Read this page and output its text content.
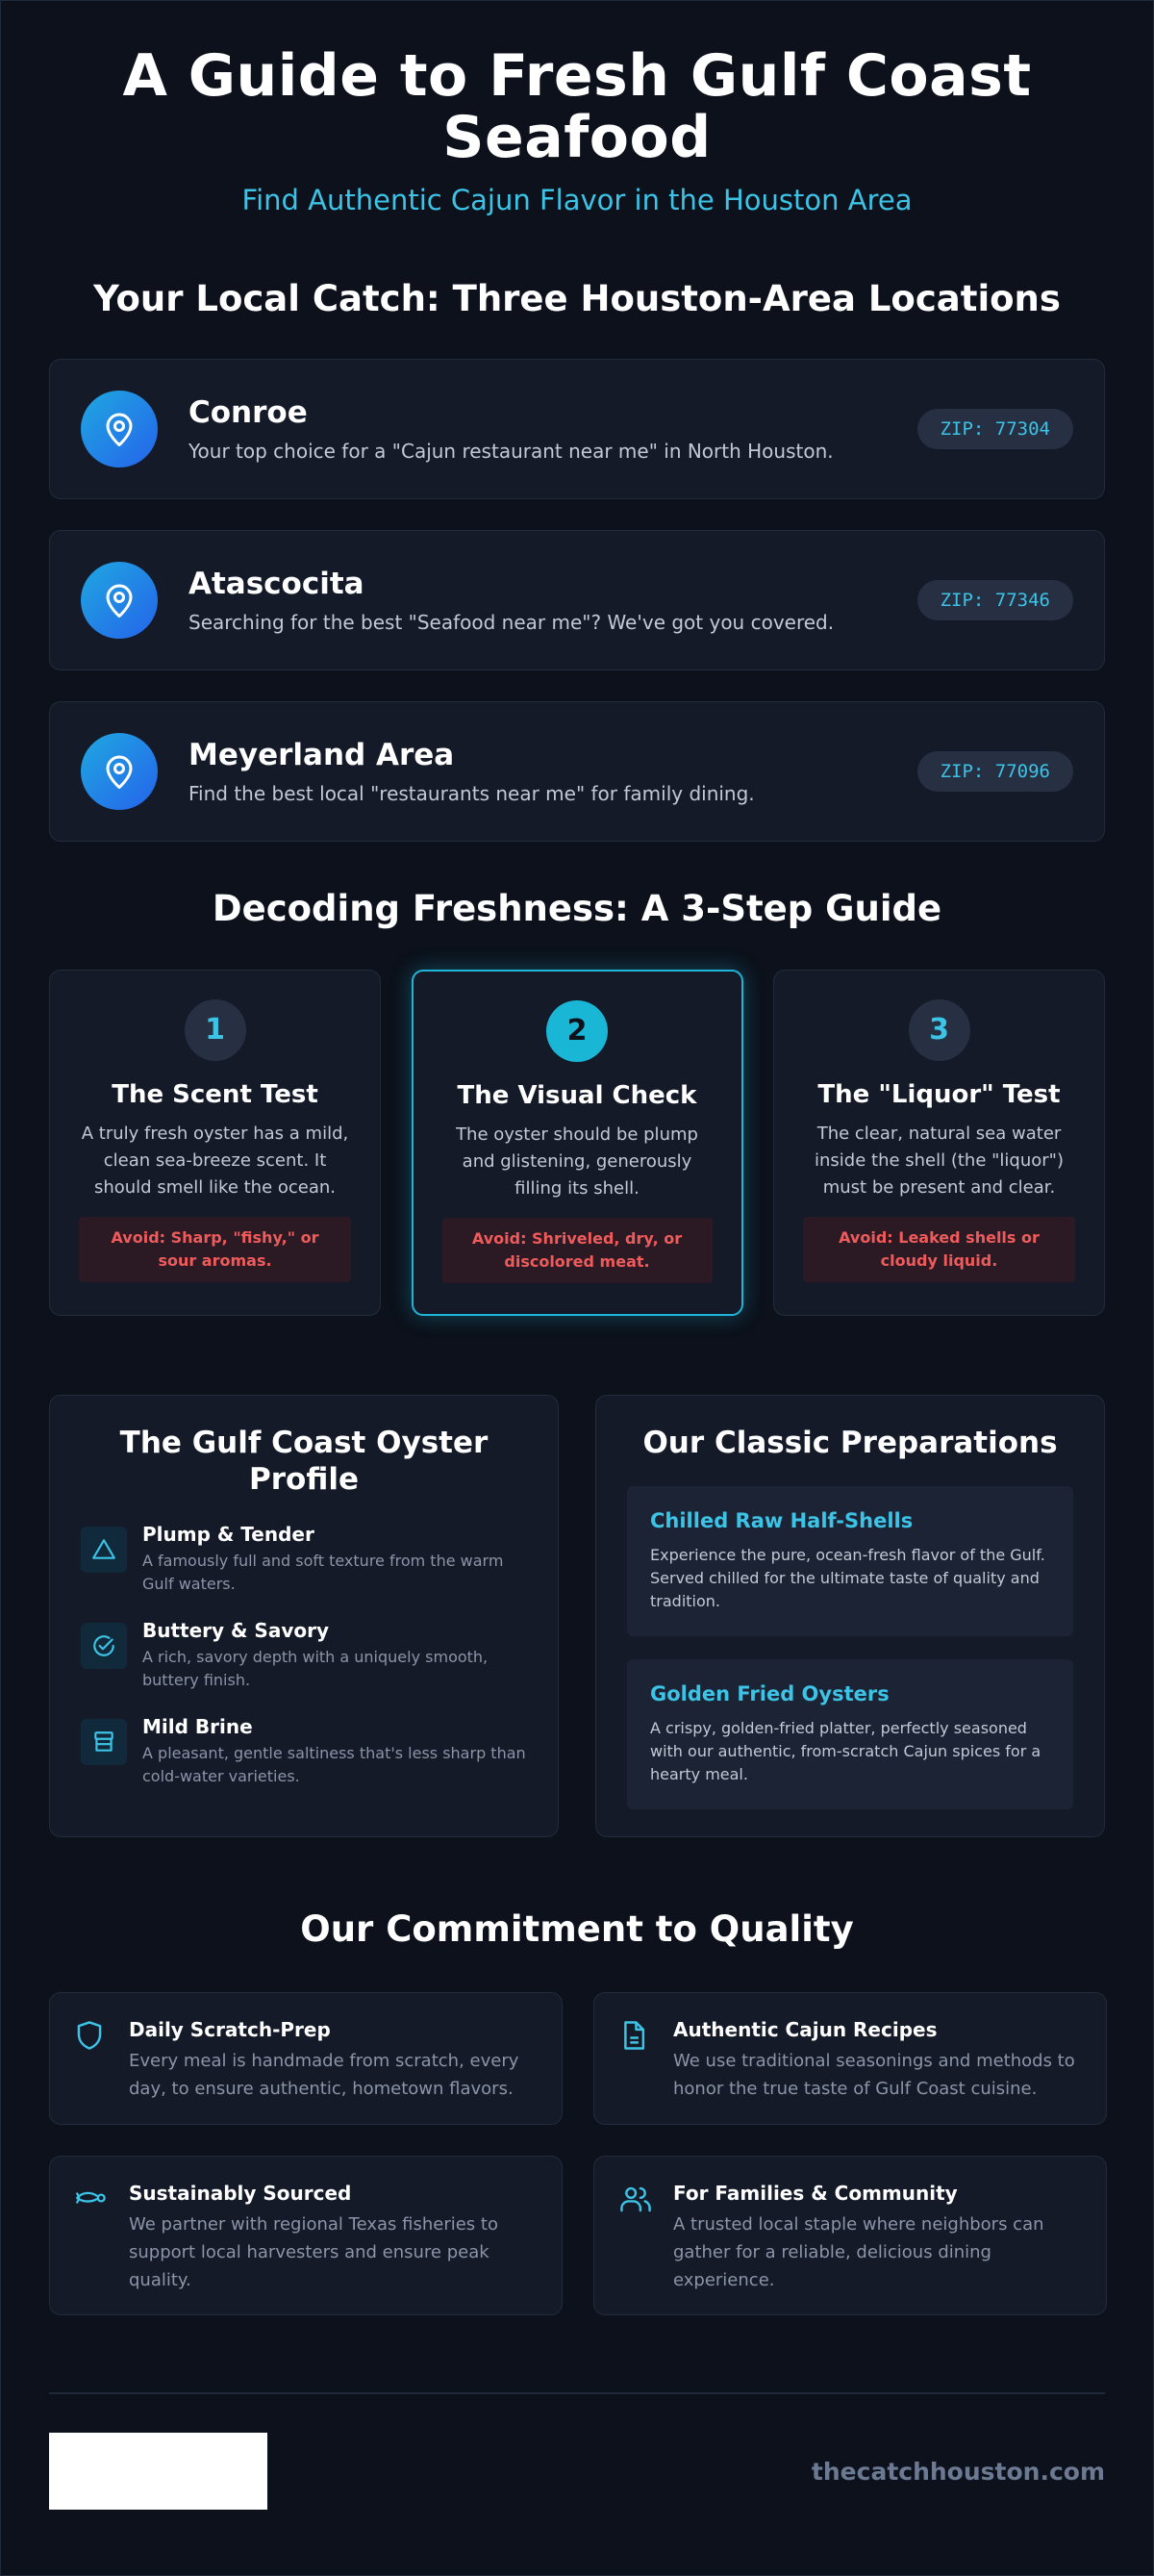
A Guide to Fresh Gulf Coast Seafood
Find Authentic Cajun Flavor in the Houston Area
Your Local Catch: Three Houston-Area Locations
Conroe
Your top choice for a "Cajun restaurant near me" in North Houston.
ZIP: 77304
Atascocita
Searching for the best "Seafood near me"? We've got you covered.
ZIP: 77346
Meyerland Area
Find the best local "restaurants near me" for family dining.
ZIP: 77096
Decoding Freshness: A 3-Step Guide
1
The Scent Test
A truly fresh oyster has a mild, clean sea-breeze scent. It should smell like the ocean.
Avoid: Sharp, "fishy," or sour aromas.
2
The Visual Check
The oyster should be plump and glistening, generously filling its shell.
Avoid: Shriveled, dry, or discolored meat.
3
The "Liquor" Test
The clear, natural sea water inside the shell (the "liquor") must be present and clear.
Avoid: Leaked shells or cloudy liquid.
The Gulf Coast Oyster Profile
Plump & Tender
A famously full and soft texture from the warm Gulf waters.
Buttery & Savory
A rich, savory depth with a uniquely smooth, buttery finish.
Mild Brine
A pleasant, gentle saltiness that's less sharp than cold-water varieties.
Our Classic Preparations
Chilled Raw Half-Shells
Experience the pure, ocean-fresh flavor of the Gulf. Served chilled for the ultimate taste of quality and tradition.
Golden Fried Oysters
A crispy, golden-fried platter, perfectly seasoned with our authentic, from-scratch Cajun spices for a hearty meal.
Our Commitment to Quality
Daily Scratch-Prep
Every meal is handmade from scratch, every day, to ensure authentic, hometown flavors.
Authentic Cajun Recipes
We use traditional seasonings and methods to honor the true taste of Gulf Coast cuisine.
Sustainably Sourced
We partner with regional Texas fisheries to support local harvesters and ensure peak quality.
For Families & Community
A trusted local staple where neighbors can gather for a reliable, delicious dining experience.
thecatchhouston.com
